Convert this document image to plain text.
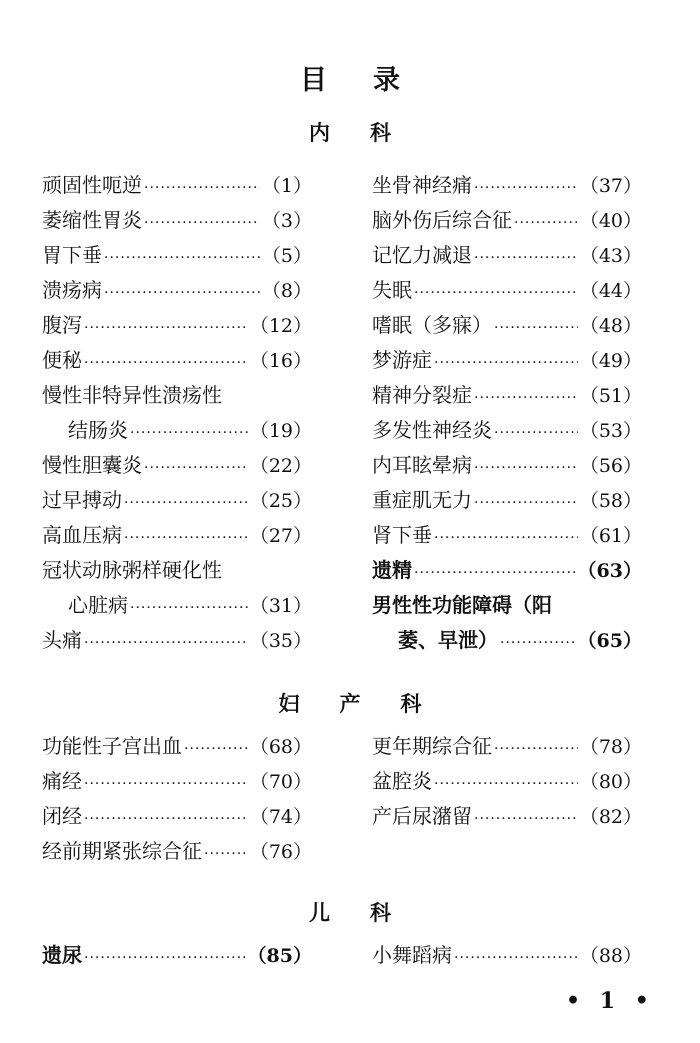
目录
内科
顽固性呃逆 ·····	（1）
萎缩性胃炎 ·····	（3）
胃下垂 ·····	（5）
溃疡病 ·····	（8）
腹泻 ·····	（12）
便秘 ·····	（16）
慢性非特异性溃疡性
结肠炎 ·····	（19）
慢性胆囊炎 ·····	（22）
过早搏动 ·····	（25）
高血压病 ·····	（27）
冠状动脉粥样硬化性
心脏病 ·····	（31）
头痛 ·····	（35）
坐骨神经痛 ·····	（37）
脑外伤后综合征 ·····	（40）
记忆力减退 ·····	（43）
失眠 ·····	（44）
嗜眠（多寐） ·····	（48）
梦游症 ·····	（49）
精神分裂症 ·····	（51）
多发性神经炎 ·····	（53）
内耳眩晕病 ·····	（56）
重症肌无力 ·····	（58）
肾下垂 ·····	（61）
遗精 ·····	（63）
男性性功能障碍（阳
萎、早泄） ·····	（65）
妇产科
功能性子宫出血 ·····	（68）
痛经 ·····	（70）
闭经 ·····	（74）
经前期紧张综合征 ·····	（76）
更年期综合征 ·····	（78）
盆腔炎 ·····	（80）
产后尿潴留 ·····	（82）
儿科
遗尿 ·····	（85）	小舞蹈病 ·····	（88）
• 1 •
